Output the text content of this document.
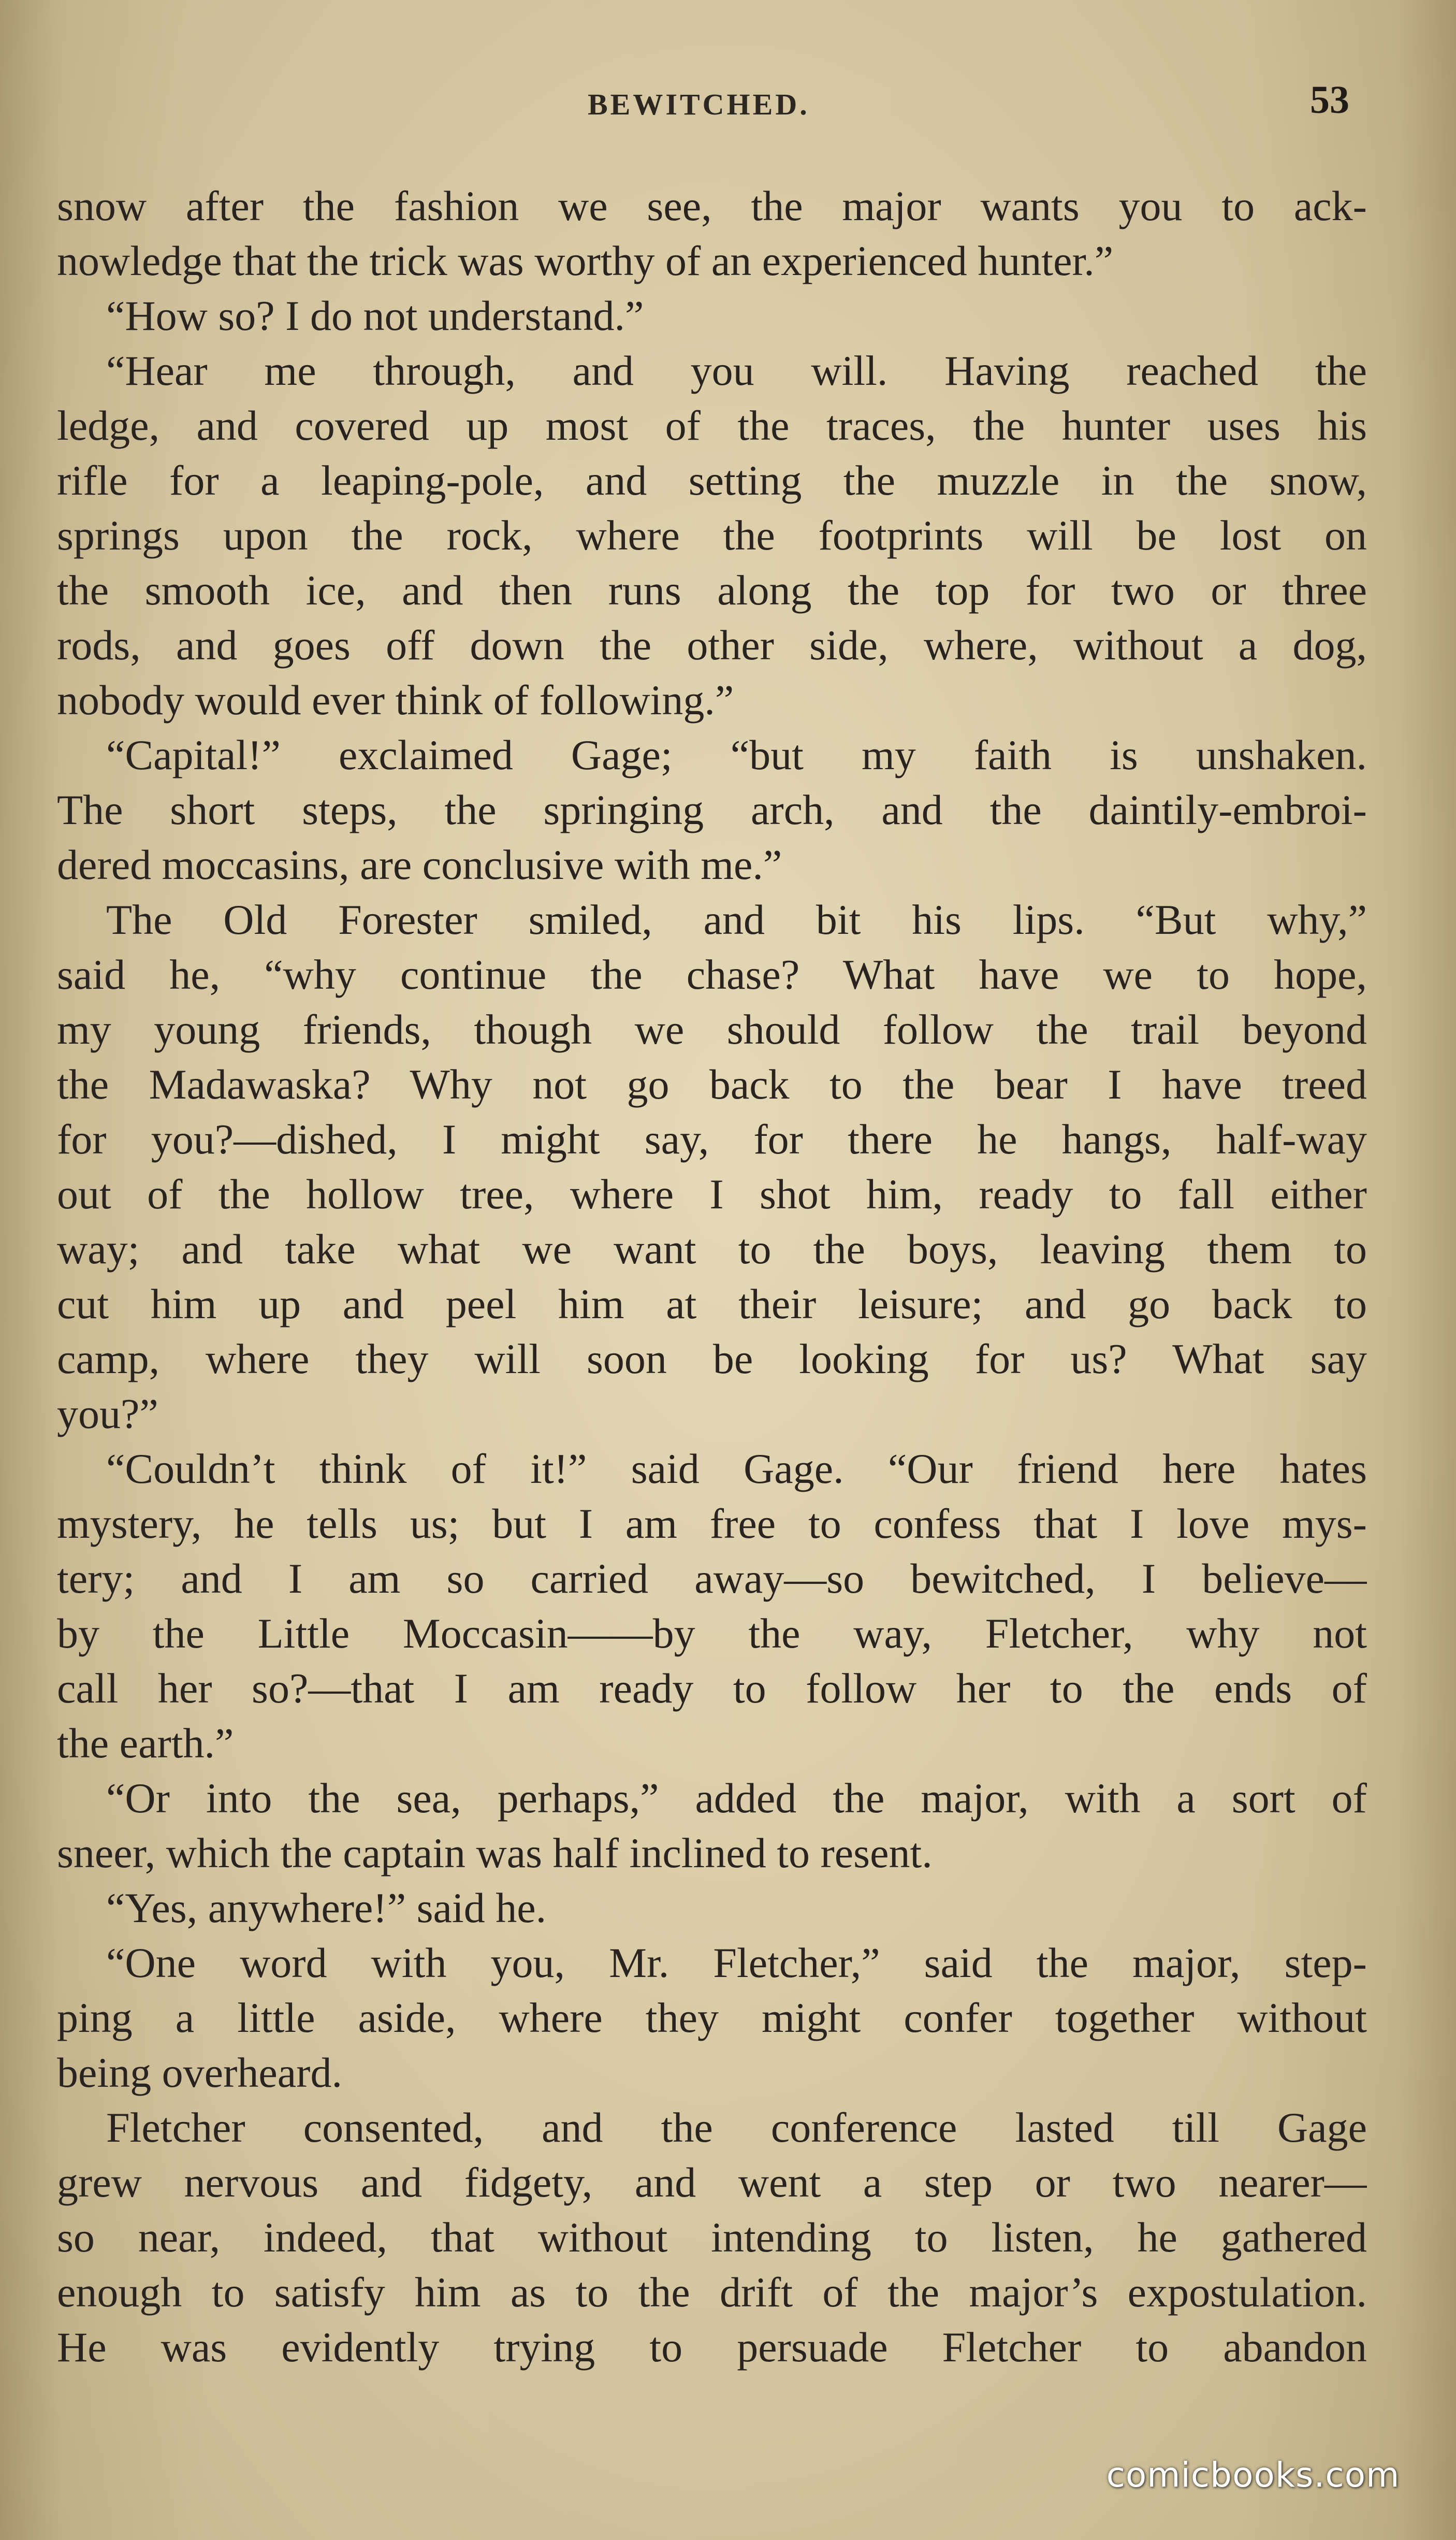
BEWITCHED.	53
snow after the fashion we see, the major wants you to ack-
nowledge that the trick was worthy of an experienced hunter.”
“How so? I do not understand.”
“Hear me through, and you will. Having reached the
ledge, and covered up most of the traces, the hunter uses his
rifle for a leaping-pole, and setting the muzzle in the snow,
springs upon the rock, where the footprints will be lost on
the smooth ice, and then runs along the top for two or three
rods, and goes off down the other side, where, without a dog,
nobody would ever think of following.”
“Capital!” exclaimed Gage; “but my faith is unshaken.
The short steps, the springing arch, and the daintily-embroi-
dered moccasins, are conclusive with me.”
The Old Forester smiled, and bit his lips. “But why,”
said he, “why continue the chase? What have we to hope,
my young friends, though we should follow the trail beyond
the Madawaska? Why not go back to the bear I have treed
for you?—dished, I might say, for there he hangs, half-way
out of the hollow tree, where I shot him, ready to fall either
way; and take what we want to the boys, leaving them to
cut him up and peel him at their leisure; and go back to
camp, where they will soon be looking for us? What say
you?”
“Couldn’t think of it!” said Gage. “Our friend here hates
mystery, he tells us; but I am free to confess that I love mys-
tery; and I am so carried away—so bewitched, I believe—
by the Little Moccasin——by the way, Fletcher, why not
call her so?—that I am ready to follow her to the ends of
the earth.”
“Or into the sea, perhaps,” added the major, with a sort of
sneer, which the captain was half inclined to resent.
“Yes, anywhere!” said he.
“One word with you, Mr. Fletcher,” said the major, step-
ping a little aside, where they might confer together without
being overheard.
Fletcher consented, and the conference lasted till Gage
grew nervous and fidgety, and went a step or two nearer—
so near, indeed, that without intending to listen, he gathered
enough to satisfy him as to the drift of the major’s expostulation.
He was evidently trying to persuade Fletcher to abandon
comicbooks.com
